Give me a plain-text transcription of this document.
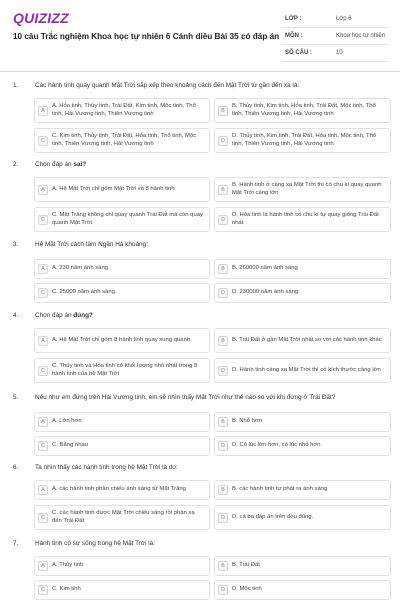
QUIZIZZ
10 câu Trắc nghiệm Khoa học tự nhiên 6 Cánh diều Bài 35 có đáp án
LỚP :	Lớp 6
MÔN :	Khoa học tự nhiên
SỐ CÂU :	10
1.	Các hành tinh quay quanh Mặt Trời sắp xếp theo khoảng cách đến Mặt Trời từ gần đến xa là:
A
A. Hỏa tinh, Thủy tinh, Trái Đất, Kim tinh, Mộc tinh, Thổ tinh, Hải Vương tinh, Thiên Vương tinh	B
B. Thủy tinh, Kim tinh, Hỏa tinh, Trái Đất, Mộc tinh, Thổ tinh, Thiên Vương tinh, Hải Vương tinh
C
C. Kim tinh, Thủy tinh, Trái Đất, Hỏa tinh, Thổ tinh, Mộc tinh, Thiên Vương tinh, Hải Vương tinh	D
D. Thủy tinh, Kim tinh, Trái Đất, Hỏa tinh, Mộc tinh, Thổ tinh, Thiên Vương tinh, Hải Vương tinh
2.	Chọn đáp án sai?
A	A. Hệ Mặt Trời chỉ gồm Mặt Trời và 8 hành tinh	B
B. Hành tinh ở càng xa Mặt Trời thì có chu kì quay quanh Mặt Trời càng lớn
C
C. Mặt Trăng không chỉ quay quanh Trái Đất mà còn quay quanh Mặt Trời	D
D. Hỏa tinh là hành tinh có chu kì tự quay giống Trái Đất nhất
3.	Hệ Mặt Trời cách tâm Ngân Hà khoảng:
A	A. 230 năm ánh sáng	B	B. 260000 năm ánh sáng
C	C. 25000 năm ánh sáng	D	D. 230000 năm ánh sáng
4.	Chọn đáp án đúng?
A	A. Hệ Mặt Trời chỉ gồm 8 hành tinh quay xung quanh.	B	B. Trái Đất ở gần Mặt Trời nhất so với các hành tinh khác
C
C. Thủy tinh và Hỏa tinh có khối lượng nhỏ nhất trong 8 hành tinh của hệ Mặt Trời	D	D. Hành tinh càng xa Mặt Trời thì có kích thước càng lớn
5.	Nếu như em đứng trên Hải Vương tinh, em sẽ nhìn thấy Mặt Trời như thế nào so với khi đứng ở Trái Đất?
A	A. Lớn hơn	B	B. Nhỏ hơn
C	C. Bằng nhau	D	D. Có lúc lớn hơn, có lúc nhỏ hơn
6.	Ta nhìn thấy các hành tinh trong hệ Mặt Trời là do:
A	A. các hành tinh phản chiếu ánh sáng từ Mặt Trăng	B	B. các hành tinh tự phát ra ánh sáng
C
C. các hành tinh được Mặt Trời chiếu sáng rồi phản xạ đến Trái Đất	D	D. cả ba đáp án trên đều đúng.
7.	Hành tinh có sự sống trong hệ Mặt Trời là:
A	A. Thủy tinh	B	B. Trái Đất
C	C. Kim tinh	D	D. Mộc tinh
